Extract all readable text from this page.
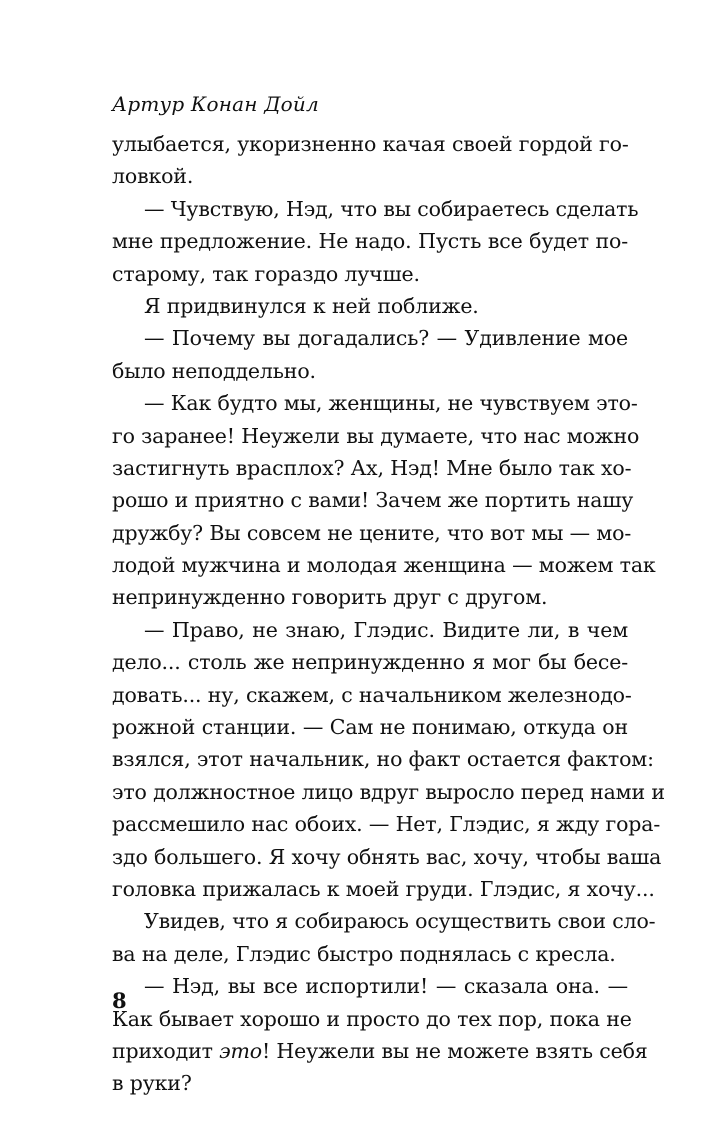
Артур Конан Дойл
улыбается, укоризненно качая своей гордой го-
ловкой.
— Чувствую, Нэд, что вы собираетесь сделать
мне предложение. Не надо. Пусть все будет по-
старому, так гораздо лучше.
Я придвинулся к ней поближе.
— Почему вы догадались? — Удивление мое
было неподдельно.
— Как будто мы, женщины, не чувствуем это-
го заранее! Неужели вы думаете, что нас можно
застигнуть врасплох? Ах, Нэд! Мне было так хо-
рошо и приятно с вами! Зачем же портить нашу
дружбу? Вы совсем не цените, что вот мы — мо-
лодой мужчина и молодая женщина — можем так
непринужденно говорить друг с другом.
— Право, не знаю, Глэдис. Видите ли, в чем
дело... столь же непринужденно я мог бы бесе-
довать... ну, скажем, с начальником железнодо-
рожной станции. — Сам не понимаю, откуда он
взялся, этот начальник, но факт остается фактом:
это должностное лицо вдруг выросло перед нами и
рассмешило нас обоих. — Нет, Глэдис, я жду гора-
здо большего. Я хочу обнять вас, хочу, чтобы ваша
головка прижалась к моей груди. Глэдис, я хочу...
Увидев, что я собираюсь осуществить свои сло-
ва на деле, Глэдис быстро поднялась с кресла.
— Нэд, вы все испортили! — сказала она. —
Как бывает хорошо и просто до тех пор, пока не
приходит это! Неужели вы не можете взять себя
в руки?
8
